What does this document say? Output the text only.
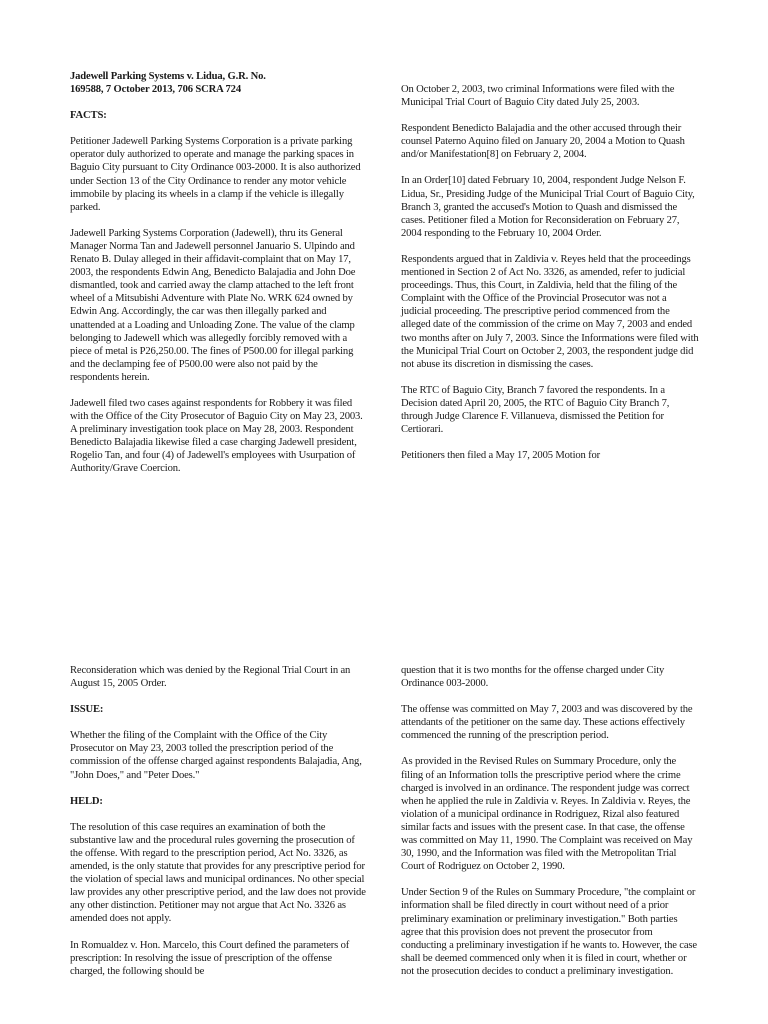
Jadewell Parking Systems v. Lidua, G.R. No.
169588, 7 October 2013, 706 SCRA 724
FACTS:

Petitioner Jadewell Parking Systems Corporation is a private parking operator duly authorized to operate and manage the parking spaces in Baguio City pursuant to City Ordinance 003-2000. It is also authorized under Section 13 of the City Ordinance to render any motor vehicle immobile by placing its wheels in a clamp if the vehicle is illegally parked.

Jadewell Parking Systems Corporation (Jadewell), thru its General Manager Norma Tan and Jadewell personnel Januario S. Ulpindo and Renato B. Dulay alleged in their affidavit-complaint that on May 17, 2003, the respondents Edwin Ang, Benedicto Balajadia and John Doe dismantled, took and carried away the clamp attached to the left front wheel of a Mitsubishi Adventure with Plate No. WRK 624 owned by Edwin Ang. Accordingly, the car was then illegally parked and unattended at a Loading and Unloading Zone. The value of the clamp belonging to Jadewell which was allegedly forcibly removed with a piece of metal is P26,250.00. The fines of P500.00 for illegal parking and the declamping fee of P500.00 were also not paid by the respondents herein.

Jadewell filed two cases against respondents for Robbery it was filed with the Office of the City Prosecutor of Baguio City on May 23, 2003. A preliminary investigation took place on May 28, 2003. Respondent Benedicto Balajadia likewise filed a case charging Jadewell president, Rogelio Tan, and four (4) of Jadewell's employees with Usurpation of Authority/Grave Coercion.

On October 2, 2003, two criminal Informations were filed with the Municipal Trial Court of Baguio City dated July 25, 2003.

Respondent Benedicto Balajadia and the other accused through their counsel Paterno Aquino filed on January 20, 2004 a Motion to Quash and/or Manifestation[8] on February 2, 2004.

In an Order[10] dated February 10, 2004, respondent Judge Nelson F. Lidua, Sr., Presiding Judge of the Municipal Trial Court of Baguio City, Branch 3, granted the accused's Motion to Quash and dismissed the cases. Petitioner filed a Motion for Reconsideration on February 27, 2004 responding to the February 10, 2004 Order.

Respondents argued that in Zaldivia v. Reyes held that the proceedings mentioned in Section 2 of Act No. 3326, as amended, refer to judicial proceedings. Thus, this Court, in Zaldivia, held that the filing of the Complaint with the Office of the Provincial Prosecutor was not a judicial proceeding. The prescriptive period commenced from the alleged date of the commission of the crime on May 7, 2003 and ended two months after on July 7, 2003. Since the Informations were filed with the Municipal Trial Court on October 2, 2003, the respondent judge did not abuse its discretion in dismissing the cases.

The RTC of Baguio City, Branch 7 favored the respondents. In a Decision dated April 20, 2005, the RTC of Baguio City Branch 7, through Judge Clarence F. Villanueva, dismissed the Petition for Certiorari.

Petitioners then filed a May 17, 2005 Motion for

Reconsideration which was denied by the Regional Trial Court in an August 15, 2005 Order.

ISSUE:

Whether the filing of the Complaint with the Office of the City Prosecutor on May 23, 2003 tolled the prescription period of the commission of the offense charged against respondents Balajadia, Ang, "John Does," and "Peter Does."

HELD:

The resolution of this case requires an examination of both the substantive law and the procedural rules governing the prosecution of the offense. With regard to the prescription period, Act No. 3326, as amended, is the only statute that provides for any prescriptive period for the violation of special laws and municipal ordinances. No other special law provides any other prescriptive period, and the law does not provide any other distinction. Petitioner may not argue that Act No. 3326 as amended does not apply.

In Romualdez v. Hon. Marcelo, this Court defined the parameters of prescription: In resolving the issue of prescription of the offense charged, the following should be

question that it is two months for the offense charged under City Ordinance 003-2000.

The offense was committed on May 7, 2003 and was discovered by the attendants of the petitioner on the same day. These actions effectively commenced the running of the prescription period.

As provided in the Revised Rules on Summary Procedure, only the filing of an Information tolls the prescriptive period where the crime charged is involved in an ordinance. The respondent judge was correct when he applied the rule in Zaldivia v. Reyes. In Zaldivia v. Reyes, the violation of a municipal ordinance in Rodriguez, Rizal also featured similar facts and issues with the present case. In that case, the offense was committed on May 11, 1990. The Complaint was received on May 30, 1990, and the Information was filed with the Metropolitan Trial Court of Rodriguez on October 2, 1990.

Under Section 9 of the Rules on Summary Procedure, "the complaint or information shall be filed directly in court without need of a prior preliminary examination or preliminary investigation." Both parties agree that this provision does not prevent the prosecutor from conducting a preliminary investigation if he wants to. However, the case shall be deemed commenced only when it is filed in court, whether or not the prosecution decides to conduct a preliminary investigation.
